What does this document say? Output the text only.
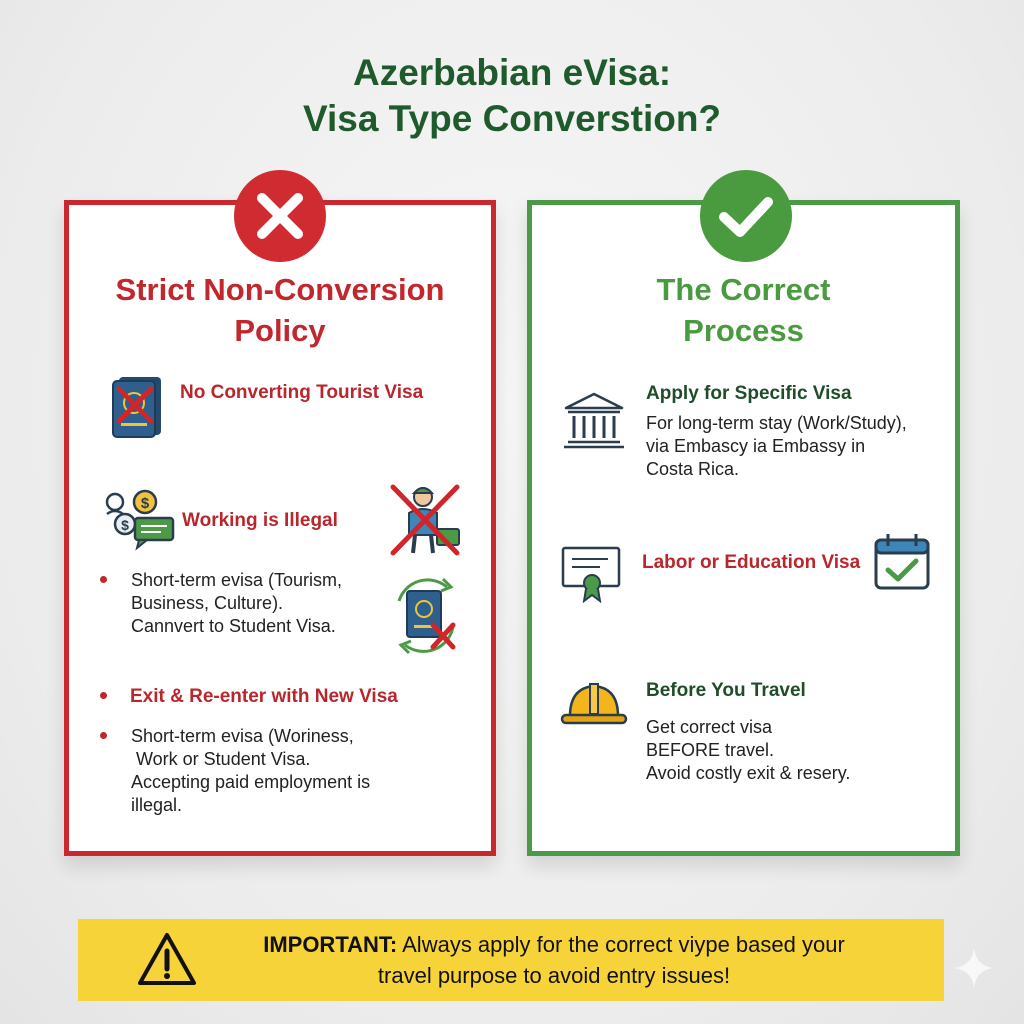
Azerbabian eVisa:
Visa Type Converstion?
Strict Non-Conversion
Policy
No Converting Tourist Visa
$
$	Working is Illegal
Short-term evisa (Tourism,
Business, Culture).
Cannvert to Student Visa.
Exit & Re-enter with New Visa
Short-term evisa (Woriness,
Work or Student Visa.
Accepting paid employment is
illegal.
The Correct
Process
Apply for Specific Visa
For long-term stay (Work/Study),
via Embascy ia Embassy in
Costa Rica.
Labor or Education Visa
Before You Travel
Get correct visa
BEFORE travel.
Avoid costly exit & resery.
IMPORTANT: Always apply for the correct viype based your
travel purpose to avoid entry issues!
